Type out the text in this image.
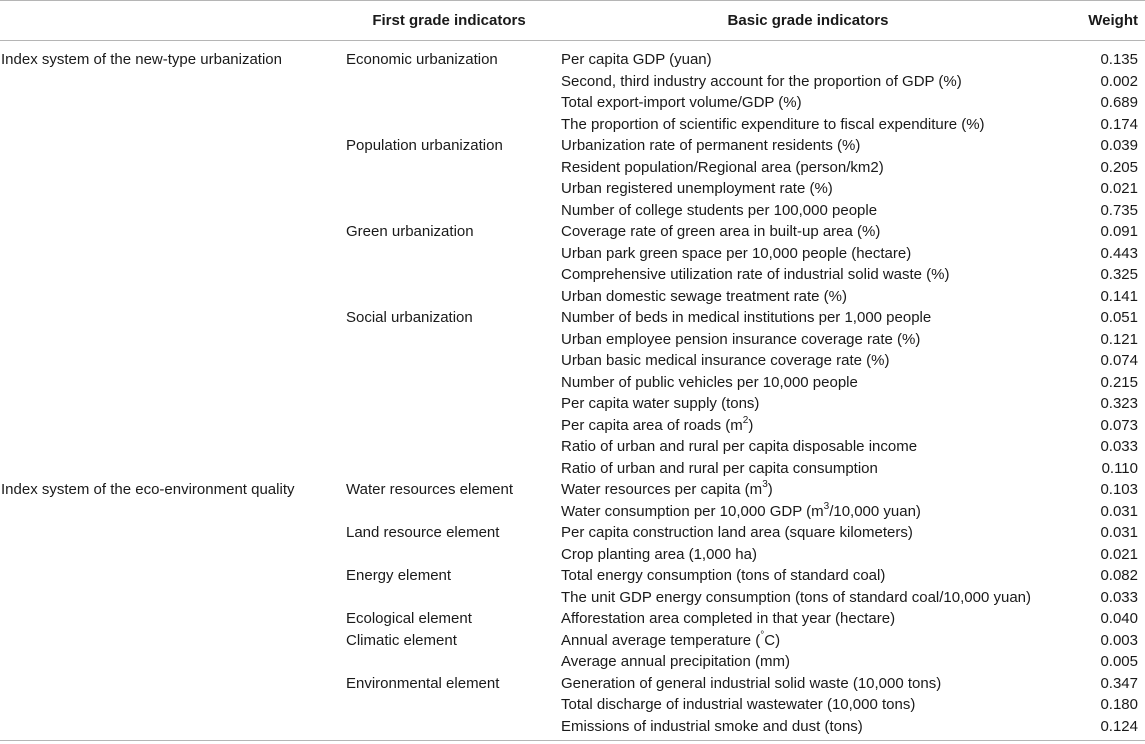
	First grade indicators	Basic grade indicators	Weight
Index system of the new-type urbanization	Economic urbanization	Per capita GDP (yuan)	0.135
		Second, third industry account for the proportion of GDP (%)	0.002
		Total export-import volume/GDP (%)	0.689
		The proportion of scientific expenditure to fiscal expenditure (%)	0.174
	Population urbanization	Urbanization rate of permanent residents (%)	0.039
		Resident population/Regional area (person/km2)	0.205
		Urban registered unemployment rate (%)	0.021
		Number of college students per 100,000 people	0.735
	Green urbanization	Coverage rate of green area in built-up area (%)	0.091
		Urban park green space per 10,000 people (hectare)	0.443
		Comprehensive utilization rate of industrial solid waste (%)	0.325
		Urban domestic sewage treatment rate (%)	0.141
	Social urbanization	Number of beds in medical institutions per 1,000 people	0.051
		Urban employee pension insurance coverage rate (%)	0.121
		Urban basic medical insurance coverage rate (%)	0.074
		Number of public vehicles per 10,000 people	0.215
		Per capita water supply (tons)	0.323
		Per capita area of roads $(m^2)$	0.073
		Ratio of urban and rural per capita disposable income	0.033
		Ratio of urban and rural per capita consumption	0.110
Index system of the eco-environment quality	Water resources element	Water resources per capita $(m^3)$	0.103
		Water consumption per 10,000 GDP ($m^3/10,000$ yuan)	0.031
	Land resource element	Per capita construction land area (square kilometers)	0.031
		Crop planting area (1,000 ha)	0.021
	Energy element	Total energy consumption (tons of standard coal)	0.082
		The unit GDP energy consumption (tons of standard coal/10,000 yuan)	0.033
	Ecological element	Afforestation area completed in that year (hectare)	0.040
	Climatic element	Annual average temperature (°C)	0.003
		Average annual precipitation (mm)	0.005
	Environmental element	Generation of general industrial solid waste (10,000 tons)	0.347
		Total discharge of industrial wastewater (10,000 tons)	0.180
		Emissions of industrial smoke and dust (tons)	0.124
